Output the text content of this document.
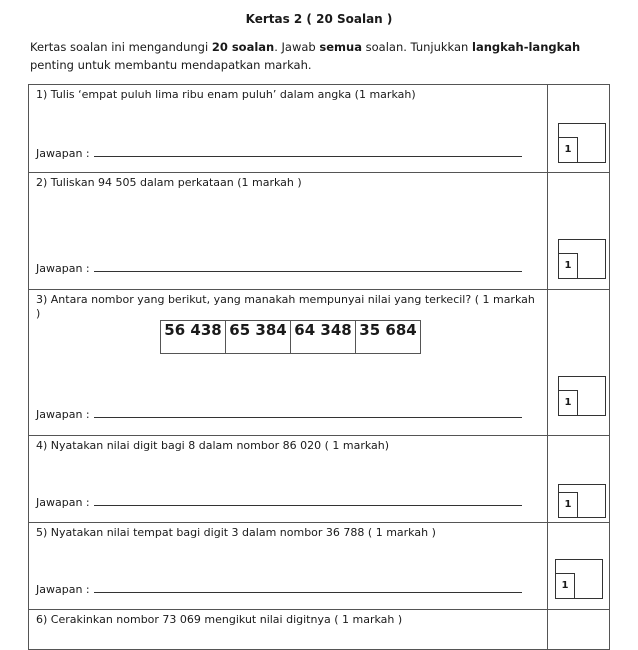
Kertas 2 ( 20 Soalan )
Kertas soalan ini mengandungi 20 soalan. Jawab semua soalan. Tunjukkan langkah-langkah penting untuk membantu mendapatkan markah.
1) Tulis ‘empat puluh lima ribu enam puluh’ dalam angka (1 markah)
Jawapan :	1

2) Tuliskan 94 505 dalam perkataan (1 markah )
Jawapan :	1

3) Antara nombor yang berikut, yang manakah mempunyai nilai yang terkecil? ( 1 markah )
56 438	65 384	64 348	35 684
Jawapan :

1

4) Nyatakan nilai digit bagi 8 dalam nombor 86 020 ( 1 markah)
Jawapan :	1

5) Nyatakan nilai tempat bagi digit 3 dalam nombor 36 788 ( 1 markah )
Jawapan :	1

6) Cerakinkan nombor 73 069 mengikut nilai digitnya ( 1 markah )
